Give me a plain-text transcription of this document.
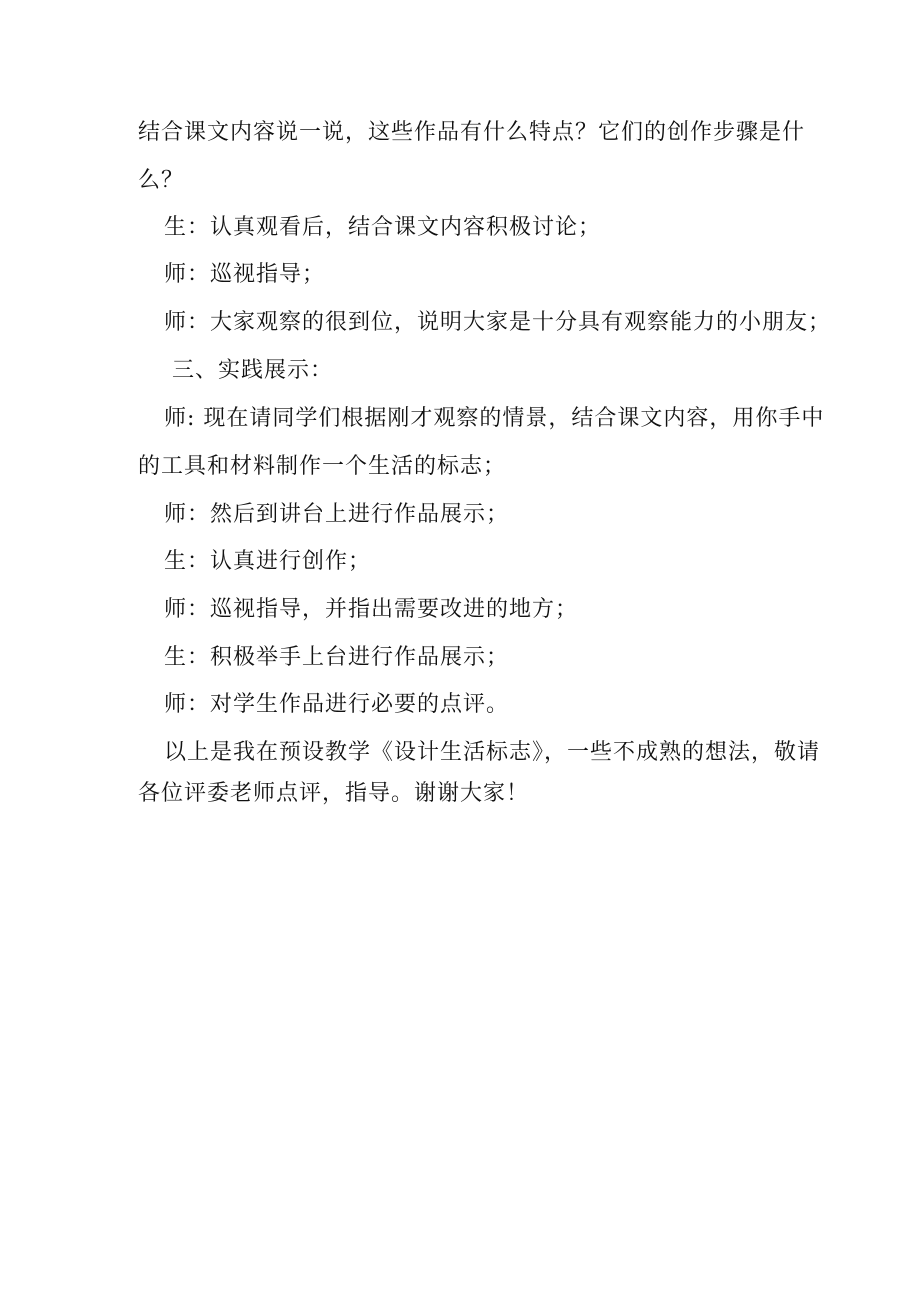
结合课文内容说一说，这些作品有什么特点？它们的创作步骤是什
么？
生：认真观看后，结合课文内容积极讨论；
师：巡视指导；
师：大家观察的很到位，说明大家是十分具有观察能力的小朋友；
三、实践展示：
师: 现在请同学们根据刚才观察的情景，结合课文内容，用你手中
的工具和材料制作一个生活的标志；
师：然后到讲台上进行作品展示；
生：认真进行创作；
师：巡视指导，并指出需要改进的地方；
生：积极举手上台进行作品展示；
师：对学生作品进行必要的点评。
以上是我在预设教学《设计生活标志》，一些不成熟的想法，敬请
各位评委老师点评，指导。谢谢大家！
